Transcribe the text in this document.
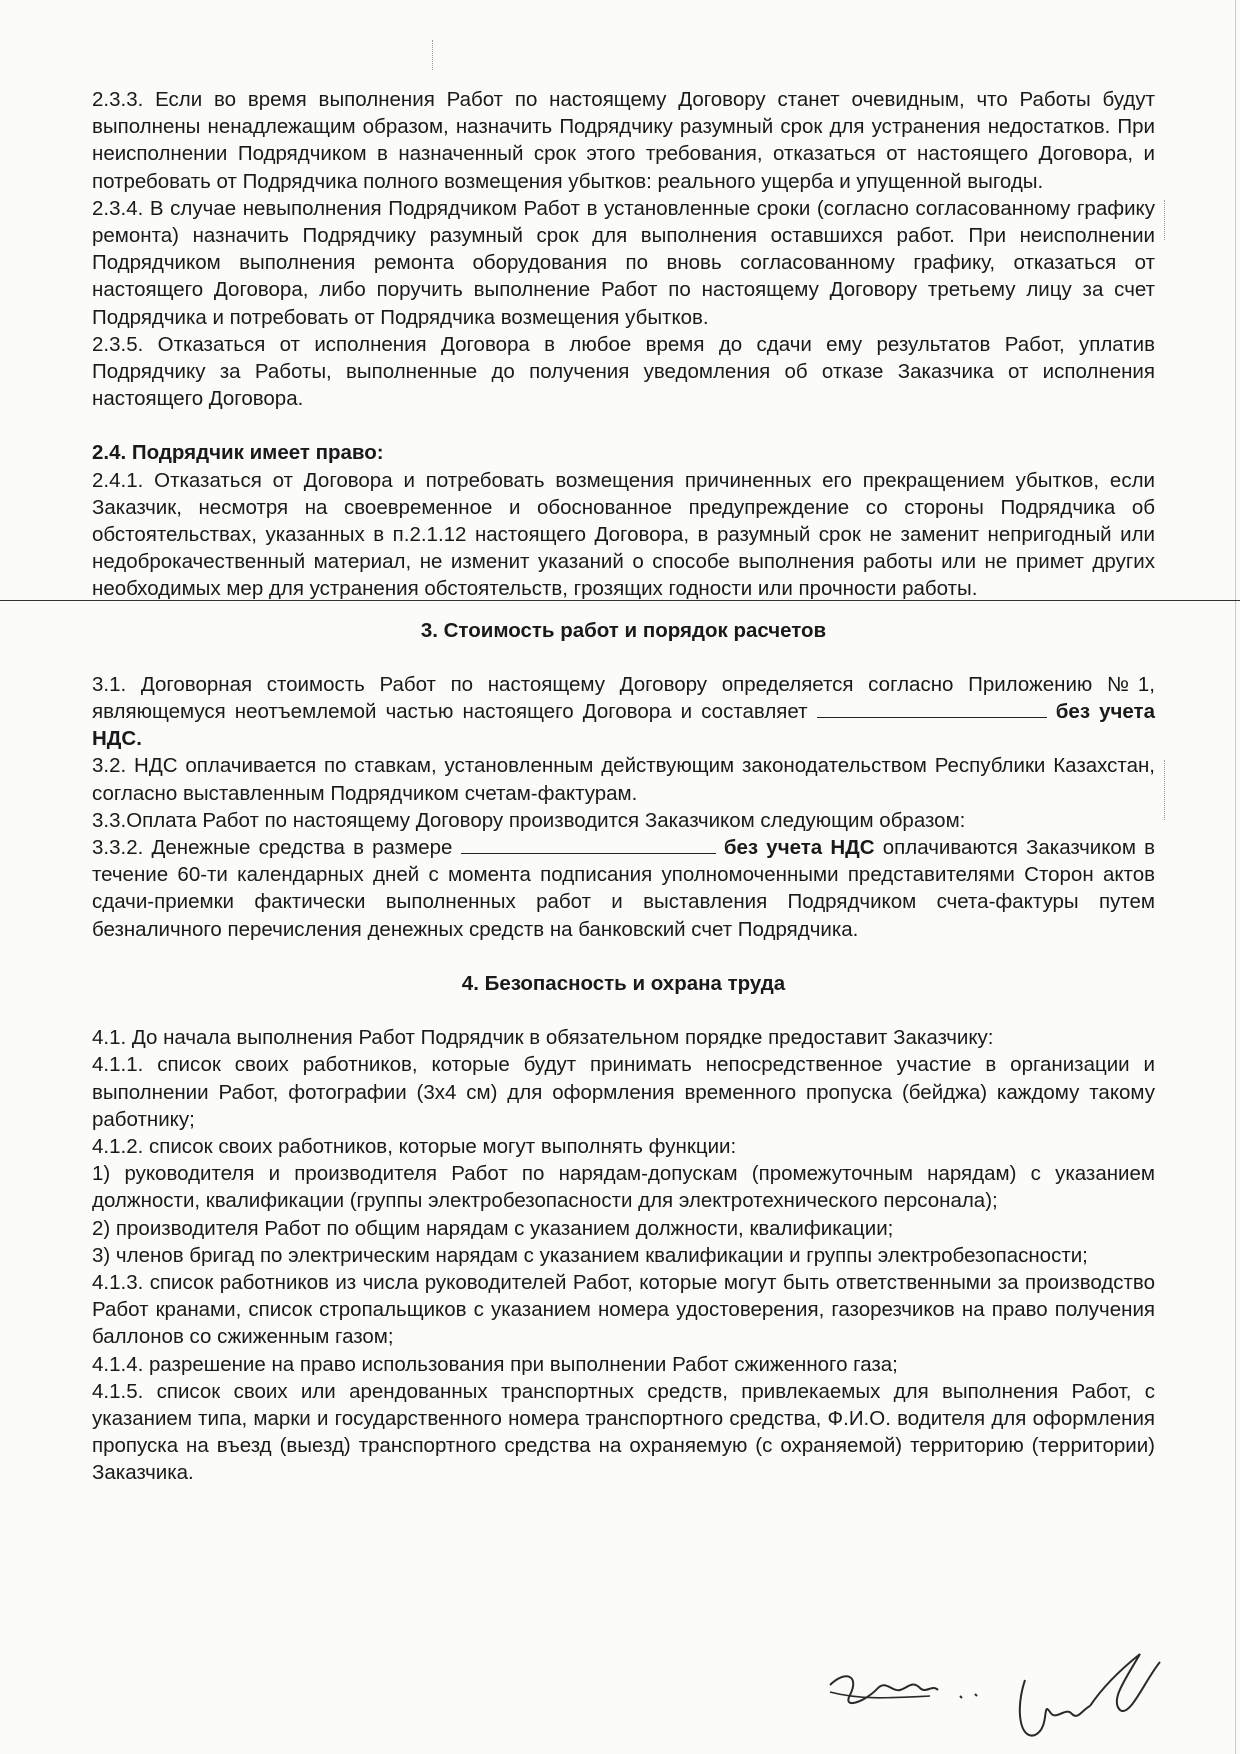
2.3.3. Если во время выполнения Работ по настоящему Договору станет очевидным, что Работы будут выполнены ненадлежащим образом, назначить Подрядчику разумный срок для устранения недостатков. При неисполнении Подрядчиком в назначенный срок этого требования, отказаться от настоящего Договора, и потребовать от Подрядчика полного возмещения убытков: реального ущерба и упущенной выгоды.

2.3.4. В случае невыполнения Подрядчиком Работ в установленные сроки (согласно согласованному графику ремонта) назначить Подрядчику разумный срок для выполнения оставшихся работ. При неисполнении Подрядчиком выполнения ремонта оборудования по вновь согласованному графику, отказаться от настоящего Договора, либо поручить выполнение Работ по настоящему Договору третьему лицу за счет Подрядчика и потребовать от Подрядчика возмещения убытков.

2.3.5. Отказаться от исполнения Договора в любое время до сдачи ему результатов Работ, уплатив Подрядчику за Работы, выполненные до получения уведомления об отказе Заказчика от исполнения настоящего Договора.

2.4. Подрядчик имеет право:

2.4.1. Отказаться от Договора и потребовать возмещения причиненных его прекращением убытков, если Заказчик, несмотря на своевременное и обоснованное предупреждение со стороны Подрядчика об обстоятельствах, указанных в п.2.1.12 настоящего Договора, в разумный срок не заменит непригодный или недоброкачественный материал, не изменит указаний о способе выполнения работы или не примет других необходимых мер для устранения обстоятельств, грозящих годности или прочности работы.

3. Стоимость работ и порядок расчетов

3.1. Договорная стоимость Работ по настоящему Договору определяется согласно Приложению №1, являющемуся неотъемлемой частью настоящего Договора и составляет	без учета НДС.

3.2. НДС оплачивается по ставкам, установленным действующим законодательством Республики Казахстан, согласно выставленным Подрядчиком счетам-фактурам.

3.3.Оплата Работ по настоящему Договору производится Заказчиком следующим образом:

3.3.2. Денежные средства в размере	без учета НДС оплачиваются Заказчиком в течение 60-ти календарных дней с момента подписания уполномоченными представителями Сторон актов сдачи-приемки фактически выполненных работ и выставления Подрядчиком счета-фактуры путем безналичного перечисления денежных средств на банковский счет Подрядчика.

4. Безопасность и охрана труда

4.1. До начала выполнения Работ Подрядчик в обязательном порядке предоставит Заказчику:

4.1.1. список своих работников, которые будут принимать непосредственное участие в организации и выполнении Работ, фотографии (3х4 см) для оформления временного пропуска (бейджа) каждому такому работнику;

4.1.2. список своих работников, которые могут выполнять функции:

1) руководителя и производителя Работ по нарядам-допускам (промежуточным нарядам) с указанием должности, квалификации (группы электробезопасности для электротехнического персонала);

2) производителя Работ по общим нарядам с указанием должности, квалификации;

3) членов бригад по электрическим нарядам с указанием квалификации и группы электробезопасности;

4.1.3. список работников из числа руководителей Работ, которые могут быть ответственными за производство Работ кранами, список стропальщиков с указанием номера удостоверения, газорезчиков на право получения баллонов со сжиженным газом;

4.1.4. разрешение на право использования при выполнении Работ сжиженного газа;

4.1.5. список своих или арендованных транспортных средств, привлекаемых для выполнения Работ, с указанием типа, марки и государственного номера транспортного средства, Ф.И.О. водителя для оформления пропуска на въезд (выезд) транспортного средства на охраняемую (с охраняемой) территорию (территории) Заказчика.
